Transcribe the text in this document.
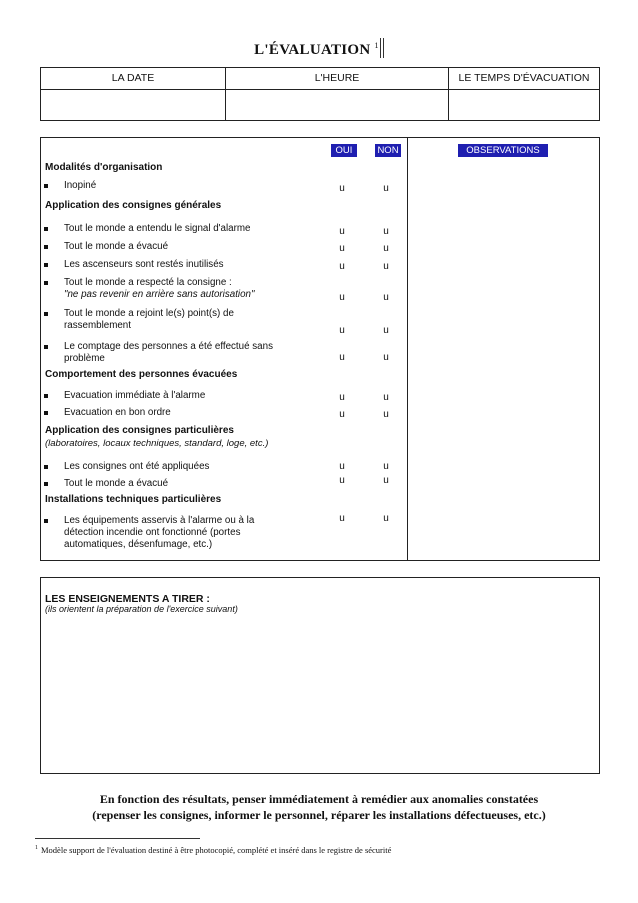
L'ÉVALUATION $^1$
LA DATE	L'HEURE	LE TEMPS D'ÉVACUATION
OUI	NON	OBSERVATIONS
Modalités d'organisation
Inopiné	u	u
Application des consignes générales
Tout le monde a entendu le signal d'alarme	u	u
Tout le monde a évacué	u	u
Les ascenseurs sont restés inutilisés	u	u
Tout le monde a respecté la consigne :
"ne pas revenir en arrière sans autorisation"	u	u
Tout le monde a rejoint le(s) point(s) de
rassemblement	u	u
Le comptage des personnes a été effectué sans
problème	u	u
Comportement des personnes évacuées
Evacuation immédiate à l'alarme	u	u
Evacuation en bon ordre	u	u
Application des consignes particulières
(laboratoires, locaux techniques, standard, loge, etc.)
Les consignes ont été appliquées	u	u
Tout le monde a évacué	u	u
Installations techniques particulières
Les équipements asservis à l'alarme ou à la
détection incendie ont fonctionné (portes
automatiques, désenfumage, etc.)
u	u
LES ENSEIGNEMENTS A TIRER :
(ils orientent la préparation de l'exercice suivant)
En fonction des résultats, penser immédiatement à remédier aux anomalies constatées
(repenser les consignes, informer le personnel, réparer les installations défectueuses, etc.)
$^1$ Modèle support de l'évaluation destiné à être photocopié, complété et inséré dans le registre de sécurité
